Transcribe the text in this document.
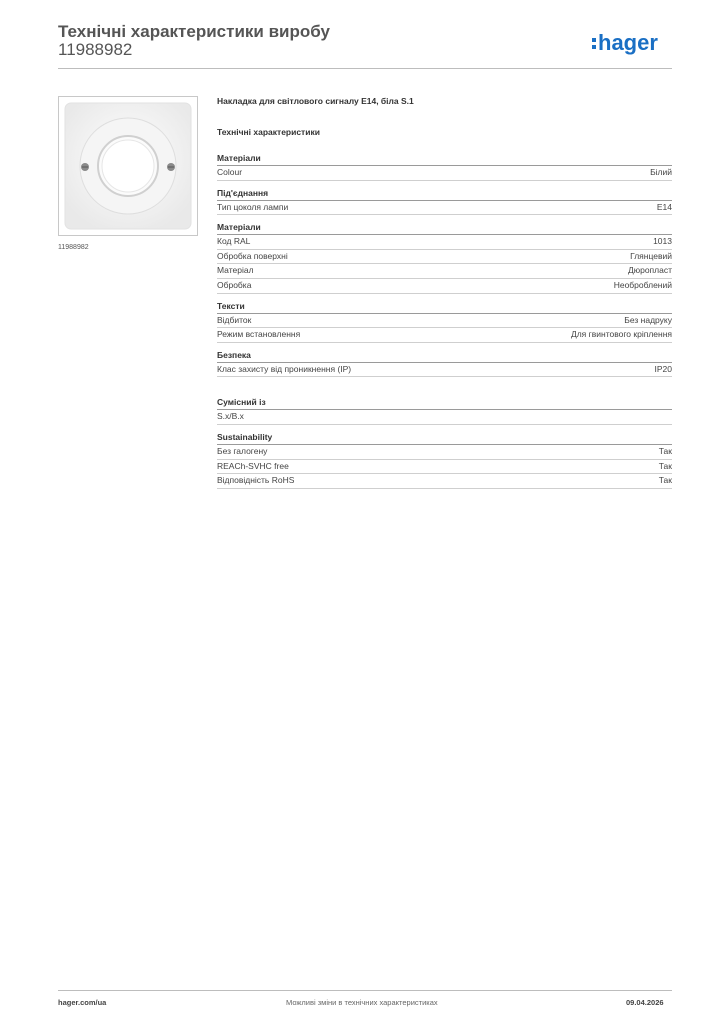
Технічні характеристики виробу
11988982	hager
11988982
Накладка для світлового сигналу E14, біла S.1
Технічні характеристики
Матеріали
Colour	Білий
Під'єднання
Тип цоколя лампи	E14
Матеріали
Код RAL	1013
Обробка поверхні	Глянцевий
Матеріал	Дюропласт
Обробка	Необроблений
Тексти
Відбиток	Без надруку
Режим встановлення	Для гвинтового кріплення
Безпека
Клас захисту від проникнення (IP)	IP20
Сумісний із
S.x/B.x
Sustainability
Без галогену	Так
REACh-SVHC free	Так
Відповідність RoHS	Так
hager.com/ua	Можливі зміни в технічних характеристиках	09.04.2026
